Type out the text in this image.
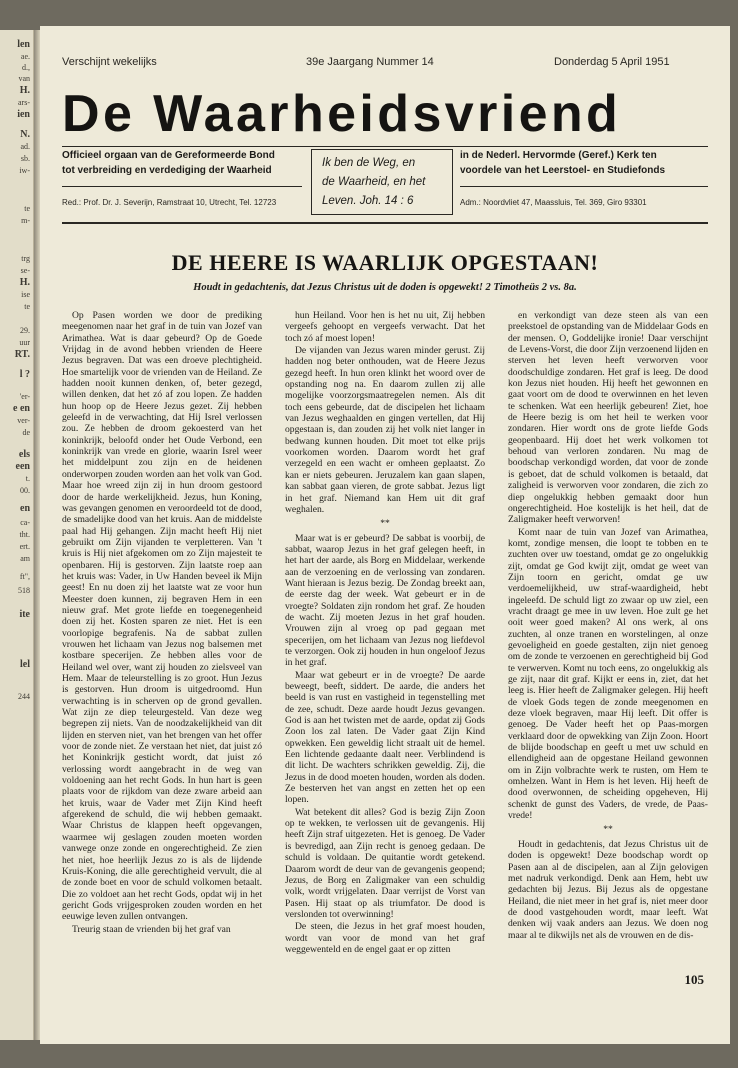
len
ae.
d.,
van
H.
ars-
ien
N.
ad.
sb.
iw-
te
m-
trg
se-
H.
ise
te
29.
uur
RT.
l ?
'er-
e en
ver-
de
els
een
t.
00.
en
ca-
tht.
ert.
am
ft",
518
ite
lel
244
Verschijnt wekelijks	39e Jaargang Nummer 14	Donderdag 5 April 1951
De Waarheidsvriend
Officieel orgaan van de Gereformeerde Bond
tot verbreiding en verdediging der Waarheid
Ik ben de Weg, en
de Waarheid, en het
Leven. Joh. 14 : 6
in de Nederl. Hervormde (Geref.) Kerk ten
voordele van het Leerstoel- en Studiefonds
Red.: Prof. Dr. J. Severijn, Ramstraat 10, Utrecht, Tel. 12723	Adm.: Noordvliet 47, Maassluis, Tel. 369, Giro 93301
DE HEERE IS WAARLIJK OPGESTAAN!
Houdt in gedachtenis, dat Jezus Christus uit de doden is opgewekt! 2 Timotheüs 2 vs. 8a.

Op Pasen worden we door de prediking meegenomen naar het graf in de tuin van Jozef van Arimathea. Wat is daar gebeurd? Op de Goede Vrijdag in de avond hebben vrienden de Heere Jezus begraven. Dat was een droeve plechtigheid. Hoe smartelijk voor de vrienden van de Heiland. Ze hadden nooit kunnen denken, of, beter gezegd, willen denken, dat het zó af zou lopen. Ze hadden hun hoop op de Heere Jezus gezet. Zij hebben geleefd in de verwachting, dat Hij Isrel verlossen zou. Ze hebben de droom gekoesterd van het koninkrijk, beloofd onder het Oude Verbond, een koninkrijk van vrede en glorie, waarin Isrel weer het middelpunt zou zijn en de heidenen onderworpen zouden worden aan het volk van God. Maar hoe wreed zijn zij in hun droom gestoord door de harde werkelijkheid. Jezus, hun Koning, was gevangen genomen en veroordeeld tot de dood, de smadelijke dood van het kruis. Aan de middelste paal had Hij gehangen. Zijn macht heeft Hij niet gebruikt om Zijn vijanden te verpletteren. Van 't kruis is Hij niet afgekomen om zo Zijn majesteit te openbaren. Hij is gestorven. Zijn laatste roep aan het kruis was: Vader, in Uw Handen beveel ik Mijn geest! En nu doen zij het laatste wat ze voor hun Meester doen kunnen, zij begraven Hem in een nieuw graf. Met grote liefde en toegenegenheid doen zij het. Kosten sparen ze niet. Het is een voorlopige begrafenis. Na de sabbat zullen vrouwen het lichaam van Jezus nog balsemen met kostbare specerijen. Ze hebben alles voor de Heiland wel over, want zij houden zo zielsveel van Hem. Maar de teleurstelling is zo groot. Hun Jezus is gestorven. Hun droom is uitgedroomd. Hun verwachting is in scherven op de grond gevallen. Wat zijn ze diep teleurgesteld. Van deze weg begrepen zij niets. Van de noodzakelijkheid van dit lijden en sterven niet, van het brengen van het offer voor de zonde niet. Ze verstaan het niet, dat juist zó het Koninkrijk gesticht wordt, dat juist zó verlossing wordt aangebracht in de weg van voldoening aan het recht Gods. In hun hart is geen plaats voor de rijkdom van deze zware arbeid aan het kruis, waar de Vader met Zijn Kind heeft afgerekend de schuld, die wij hebben gemaakt. Waar Christus de klappen heeft opgevangen, waarmee wij geslagen zouden moeten worden vanwege onze zonde en ongerechtigheid. Ze zien het niet, hoe heerlijk Jezus zo is als de lijdende Kruis-Koning, die alle gerechtigheid vervult, die al de zonde boet en voor de schuld volkomen betaalt. Die zo voldoet aan het recht Gods, opdat wij in het gericht Gods vrijgesproken zouden worden en het eeuwige leven zullen ontvangen.

Treurig staan de vrienden bij het graf van

hun Heiland. Voor hen is het nu uit, Zij hebben vergeefs gehoopt en vergeefs verwacht. Dat het toch zó af moest lopen!

De vijanden van Jezus waren minder gerust. Zij hadden nog beter onthouden, wat de Heere Jezus gezegd heeft. In hun oren klinkt het woord over de opstanding nog na. En daarom zullen zij alle mogelijke voorzorgsmaatregelen nemen. Als dit toch eens gebeurde, dat de discipelen het lichaam van Jezus weghaalden en gingen vertellen, dat Hij opgestaan is, dan zouden zij het volk niet langer in bedwang kunnen houden. Dit moet tot elke prijs voorkomen worden. Daarom wordt het graf verzegeld en een wacht er omheen geplaatst. Zo kan er niets gebeuren. Jeruzalem kan gaan slapen, kan sabbat gaan vieren, de grote sabbat. Jezus ligt in het graf. Niemand kan Hem uit dit graf weghalen.

**

Maar wat is er gebeurd? De sabbat is voorbij, de sabbat, waarop Jezus in het graf gelegen heeft, in het hart der aarde, als Borg en Middelaar, werkende aan de verzoening en de verlossing van zondaren. Want hieraan is Jezus bezig. De Zondag breekt aan, de eerste dag der week. Wat gebeurt er in de vroegte? Soldaten zijn rondom het graf. Ze houden de wacht. Zij moeten Jezus in het graf houden. Vrouwen zijn al vroeg op pad gegaan met specerijen, om het lichaam van Jezus nog liefdevol te verzorgen. Ook zij houden in hun ongeloof Jezus in het graf.

Maar wat gebeurt er in de vroegte? De aarde beweegt, beeft, siddert. De aarde, die anders het beeld is van rust en vastigheid in tegenstelling met de zee, schudt. Deze aarde houdt Jezus gevangen. God is aan het twisten met de aarde, opdat zij Gods Zoon los zal laten. De Vader gaat Zijn Kind opwekken. Een geweldig licht straalt uit de hemel. Een lichtende gedaante daalt neer. Verblindend is dit licht. De wachters schrikken geweldig. Zij, die Jezus in de dood moeten houden, worden als doden. Ze besterven het van angst en zetten het op een lopen.

Wat betekent dit alles? God is bezig Zijn Zoon op te wekken, te verlossen uit de gevangenis. Hij heeft Zijn straf uitgezeten. Het is genoeg. De Vader is bevredigd, aan Zijn recht is genoeg gedaan. De schuld is voldaan. De quitantie wordt getekend. Daarom wordt de deur van de gevangenis geopend; Jezus, de Borg en Zaligmaker van een schuldig volk, wordt vrijgelaten. Daar verrijst de Vorst van Pasen. Hij staat op als triumfator. De dood is verslonden tot overwinning!

De steen, die Jezus in het graf moest houden, wordt van voor de mond van het graf weggewenteld en de engel gaat er op zitten

en verkondigt van deze steen als van een preekstoel de opstanding van de Middelaar Gods en der mensen. O, Goddelijke ironie! Daar verschijnt de Levens-Vorst, die door Zijn verzoenend lijden en sterven het leven heeft verworven voor doodschuldige zondaren. Het graf is leeg. De dood kon Jezus niet houden. Hij heeft het gewonnen en gaat voort om de dood te overwinnen en het leven te schenken. Wat een heerlijk gebeuren! Ziet, hoe de Heere bezig is om het heil te werken voor zondaren. Hier wordt ons de grote liefde Gods geopenbaard. Hij doet het werk volkomen tot behoud van verloren zondaren. Nu mag de boodschap verkondigd worden, dat voor de zonde is geboet, dat de schuld volkomen is betaald, dat zaligheid is verworven voor zondaren, die zich zo diep ongelukkig hebben gemaakt door hun ongerechtigheid. Hoe kostelijk is het heil, dat de Zaligmaker heeft verworven!

Komt naar de tuin van Jozef van Arimathea, komt, zondige mensen, die loopt te tobben en te zuchten over uw toestand, omdat ge zo ongelukkig zijt, omdat ge God kwijt zijt, omdat ge weet van Zijn toorn en gericht, omdat ge uw verdoemelijkheid, uw straf-waardigheid, hebt ingeleefd. De schuld ligt zo zwaar op uw ziel, een vracht draagt ge mee in uw leven. Hoe zult ge het ooit weer goed maken? Al ons werk, al ons zuchten, al onze tranen en worstelingen, al onze gevoeligheid en goede gestalten, zijn niet genoeg om de zonde te verzoenen en gerechtigheid bij God te verwerven. Komt nu toch eens, zo ongelukkig als ge zijt, naar dit graf. Kijkt er eens in, ziet, dat het leeg is. Hier heeft de Zaligmaker gelegen. Hij heeft de vloek Gods tegen de zonde meegenomen en deze vloek begraven, maar Hij leeft. Dit offer is genoeg. De Vader heeft het op Paas-morgen verklaard door de opwekking van Zijn Zoon. Hoort de blijde boodschap en geeft u met uw schuld en ellendigheid aan de opgestane Heiland gewonnen om in Zijn volbrachte werk te rusten, om Hem te omhelzen. Want in Hem is het leven. Hij heeft de dood overwonnen, de scheiding opgeheven, Hij schenkt de gunst des Vaders, de vrede, de Paas-vrede!

**

Houdt in gedachtenis, dat Jezus Christus uit de doden is opgewekt! Deze boodschap wordt op Pasen aan al de discipelen, aan al Zijn gelovigen met nadruk verkondigd. Denk aan Hem, hebt uw gedachten bij Jezus. Bij Jezus als de opgestane Heiland, die niet meer in het graf is, niet meer door de dood vastgehouden wordt, maar leeft. Wat denken wij vaak anders aan Jezus. We doen nog maar al te dikwijls net als de vrouwen en de dis-

105
